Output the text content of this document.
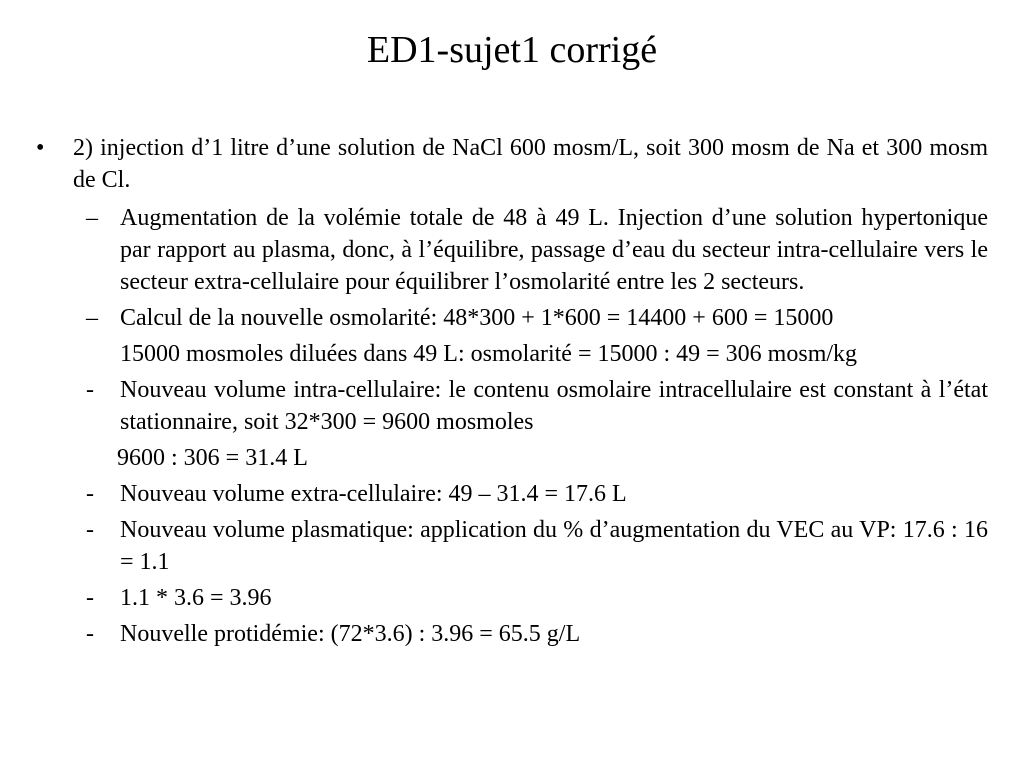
ED1-sujet1 corrigé
•	2) injection d’1 litre d’une solution de NaCl 600 mosm/L, soit 300 mosm de Na et 300 mosm de Cl.
– Augmentation de la volémie totale de 48 à 49 L. Injection d’une solution hypertonique par rapport au plasma, donc, à l’équilibre, passage d’eau du secteur intra-cellulaire vers le secteur extra-cellulaire pour équilibrer l’osmolarité entre les 2 secteurs.
– Calcul de la nouvelle osmolarité: 48*300 + 1*600 = 14400 + 600 = 15000
15000 mosmoles diluées dans 49 L: osmolarité = 15000 : 49 = 306 mosm/kg
-	Nouveau volume intra-cellulaire: le contenu osmolaire intracellulaire est constant à l’état stationnaire, soit 32*300 = 9600 mosmoles
9600 : 306 = 31.4 L
-	Nouveau volume extra-cellulaire: 49 – 31.4 = 17.6 L
-	Nouveau volume plasmatique: application du % d’augmentation du VEC au VP: 17.6 : 16 = 1.1
-	1.1 * 3.6 = 3.96
-	Nouvelle protidémie: (72*3.6) : 3.96 = 65.5 g/L
